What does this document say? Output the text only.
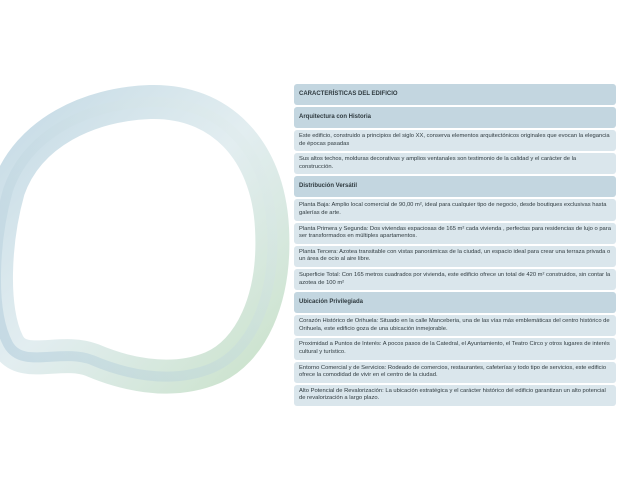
CARACTERÍSTICAS DEL EDIFICIO
Arquitectura con Historia
Este edificio, construido a principios del siglo XX, conserva elementos arquitectónicos originales que evocan la elegancia de épocas pasadas
Sus altos techos, molduras decorativas y amplios ventanales son testimonio de la calidad y el carácter de la construcción.
Distribución Versátil
Planta Baja: Amplio local comercial de 90,00 m², ideal para cualquier tipo de negocio, desde boutiques exclusivas hasta galerías de arte.
Planta Primera y Segunda: Dos viviendas espaciosas de 165 m² cada vivienda , perfectas para residencias de lujo o para ser transformados en múltiples apartamentos.
Planta Tercera: Azotea transitable con vistas panorámicas de la ciudad, un espacio ideal para crear una terraza privada o un área de ocio al aire libre.
Superficie Total: Con 165 metros cuadrados por vivienda, este edificio ofrece un total de 420 m² construidos, sin contar la azotea de 100 m²
Ubicación Privilegiada
Corazón Histórico de Orihuela: Situado en la calle Manceberia, una de las vías más emblemáticas del centro histórico de Orihuela, este edificio goza de una ubicación inmejorable.
Proximidad a Puntos de Interés: A pocos pasos de la Catedral, el Ayuntamiento, el Teatro Circo y otros lugares de interés cultural y turístico.
Entorno Comercial y de Servicios: Rodeado de comercios, restaurantes, cafeterías y todo tipo de servicios, este edificio ofrece la comodidad de vivir en el centro de la ciudad.
Alto Potencial de Revalorización: La ubicación estratégica y el carácter histórico del edificio garantizan un alto potencial de revalorización a largo plazo.
